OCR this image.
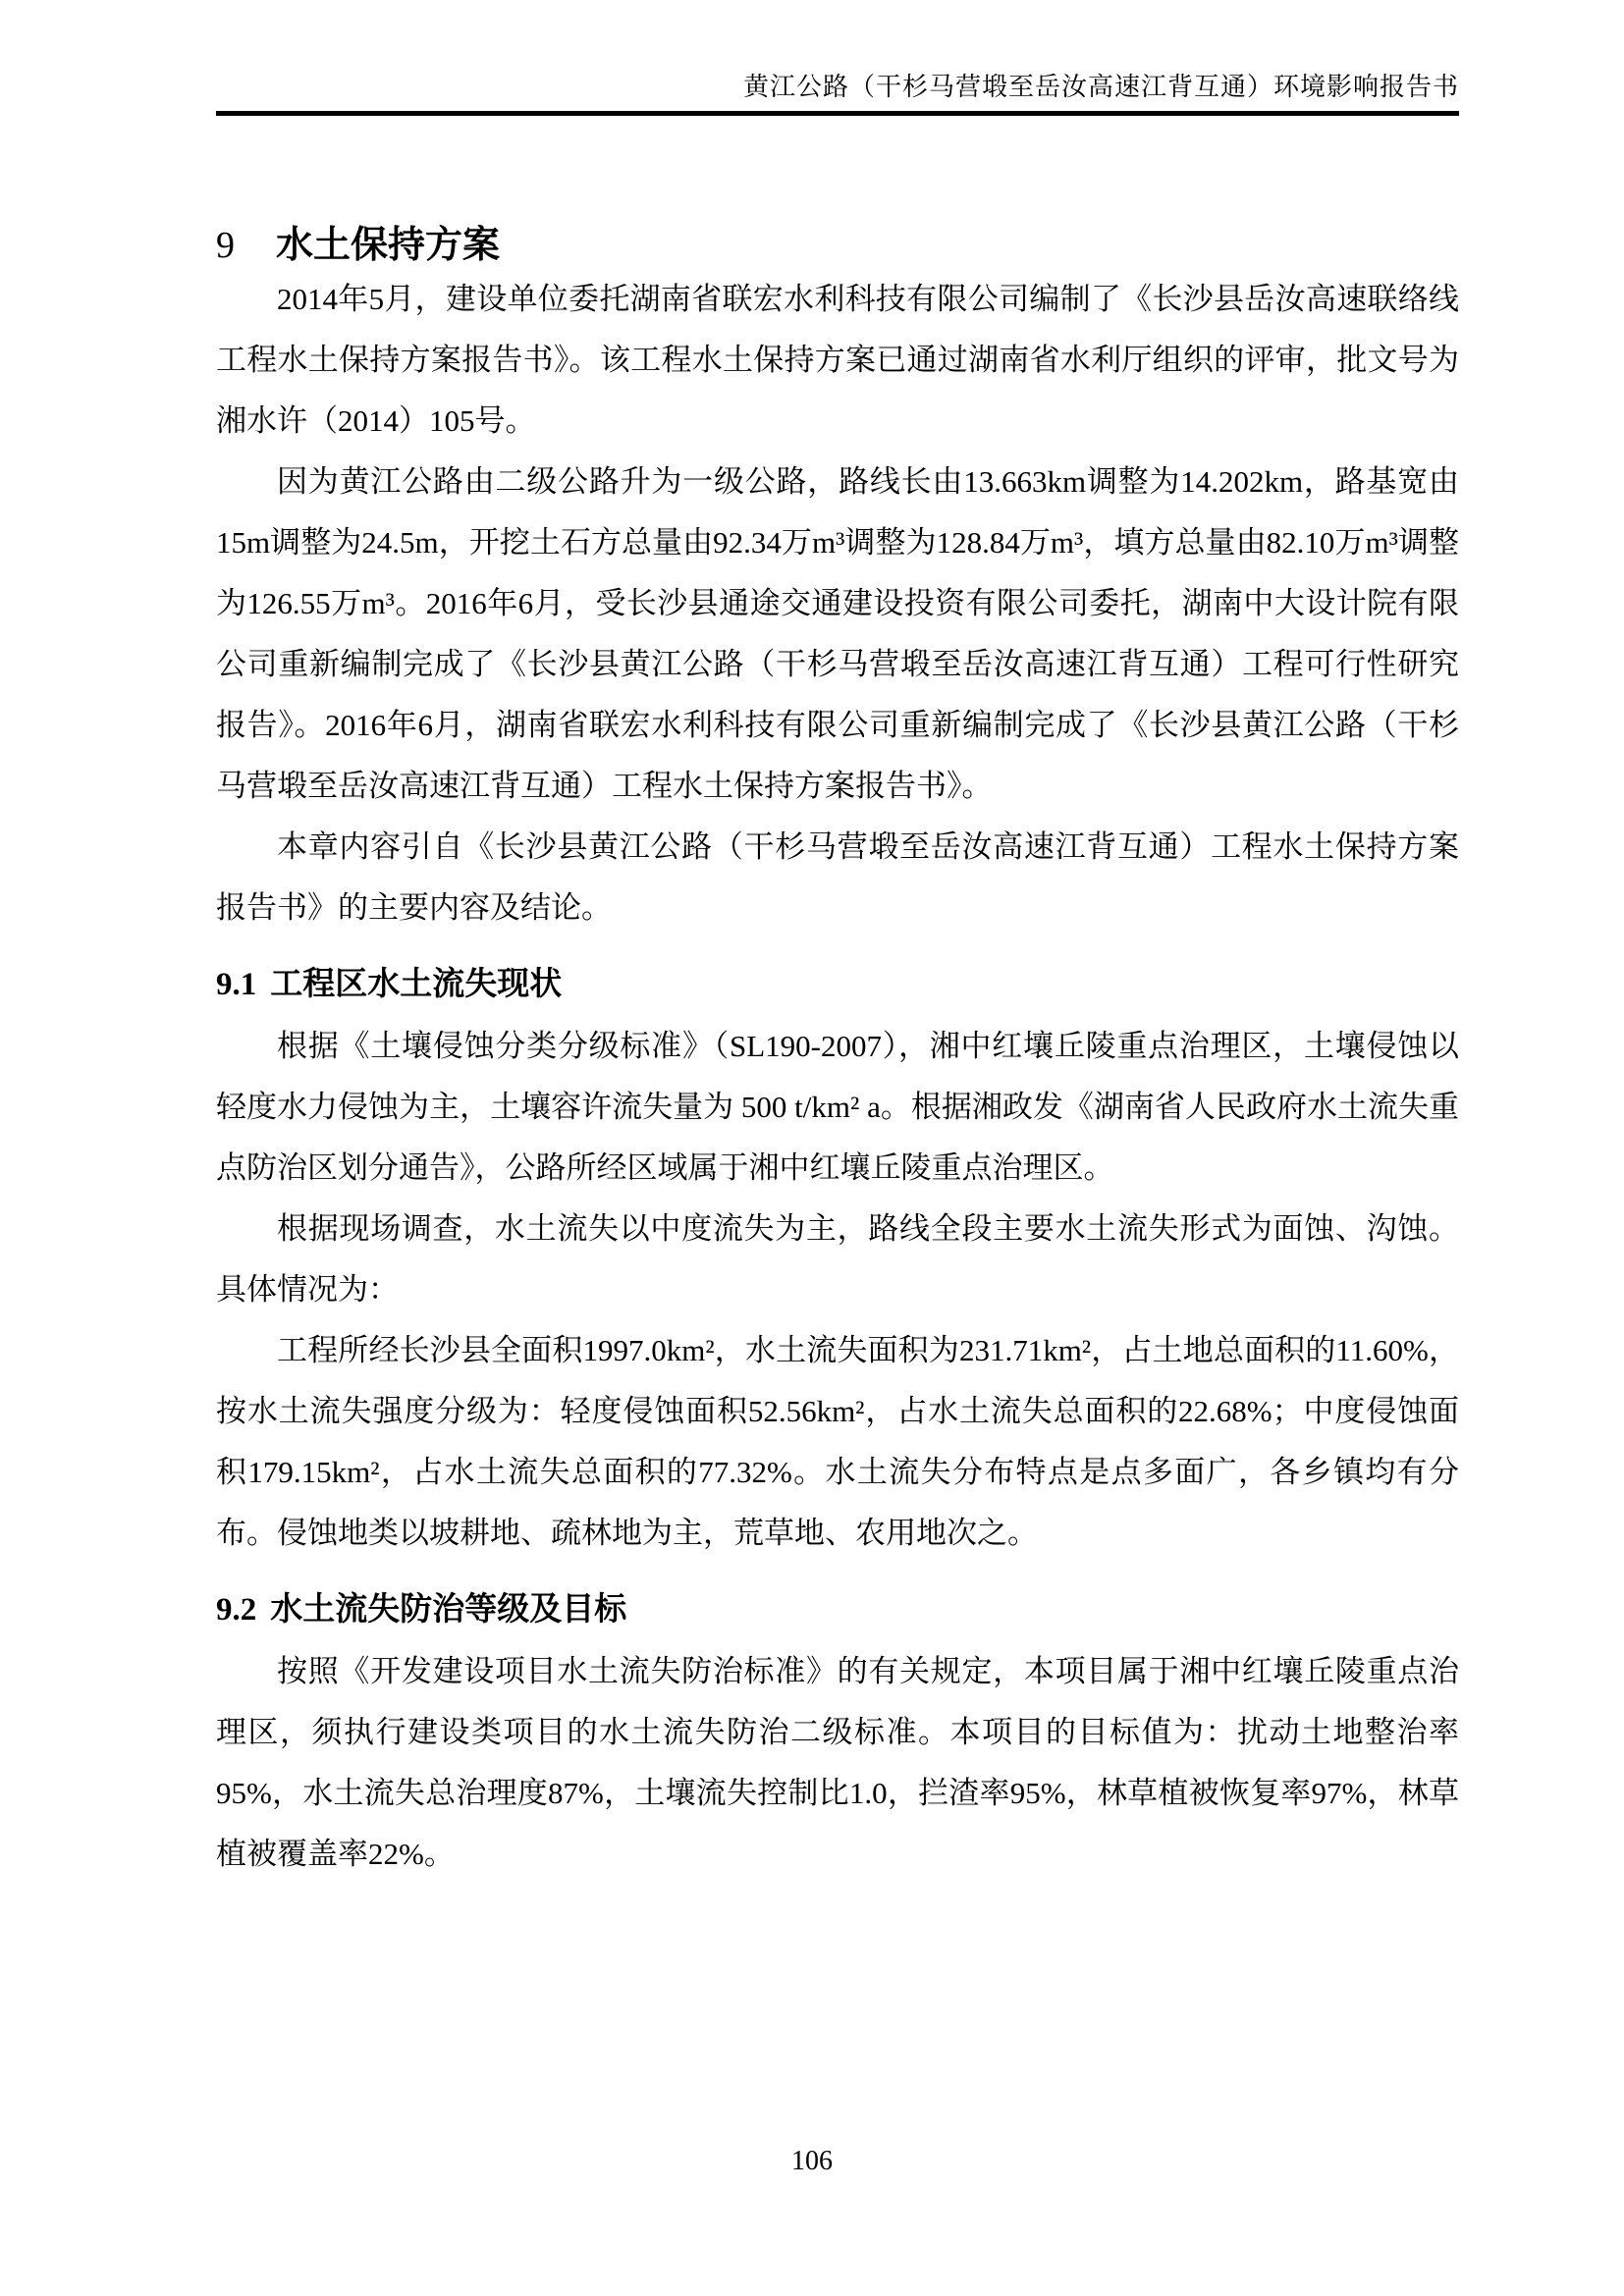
黄江公路（干杉马营塅至岳汝高速江背互通）环境影响报告书
9 水土保持方案

2014年5月，建设单位委托湖南省联宏水利科技有限公司编制了《长沙县岳汝高速联络线工程水土保持方案报告书》。该工程水土保持方案已通过湖南省水利厅组织的评审，批文号为湘水许（2014）105号。

因为黄江公路由二级公路升为一级公路，路线长由13.663km调整为14.202km，路基宽由15m调整为24.5m，开挖土石方总量由92.34万m³调整为128.84万m³，填方总量由82.10万m³调整为126.55万m³。2016年6月，受长沙县通途交通建设投资有限公司委托，湖南中大设计院有限公司重新编制完成了《长沙县黄江公路（干杉马营塅至岳汝高速江背互通）工程可行性研究报告》。2016年6月，湖南省联宏水利科技有限公司重新编制完成了《长沙县黄江公路（干杉马营塅至岳汝高速江背互通）工程水土保持方案报告书》。

本章内容引自《长沙县黄江公路（干杉马营塅至岳汝高速江背互通）工程水土保持方案报告书》的主要内容及结论。

9.1 工程区水土流失现状

根据《土壤侵蚀分类分级标准》（SL190-2007），湘中红壤丘陵重点治理区，土壤侵蚀以轻度水力侵蚀为主，土壤容许流失量为 500 t/km² a。根据湘政发《湖南省人民政府水土流失重点防治区划分通告》，公路所经区域属于湘中红壤丘陵重点治理区。

根据现场调查，水土流失以中度流失为主，路线全段主要水土流失形式为面蚀、沟蚀。具体情况为：

工程所经长沙县全面积1997.0km²，水土流失面积为231.71km²，占土地总面积的11.60%，按水土流失强度分级为：轻度侵蚀面积52.56km²，占水土流失总面积的22.68%；中度侵蚀面积179.15km²，占水土流失总面积的77.32%。水土流失分布特点是点多面广，各乡镇均有分布。侵蚀地类以坡耕地、疏林地为主，荒草地、农用地次之。

9.2 水土流失防治等级及目标

按照《开发建设项目水土流失防治标准》的有关规定，本项目属于湘中红壤丘陵重点治理区，须执行建设类项目的水土流失防治二级标准。本项目的目标值为：扰动土地整治率95%，水土流失总治理度87%，土壤流失控制比1.0，拦渣率95%，林草植被恢复率97%，林草植被覆盖率22%。

106
